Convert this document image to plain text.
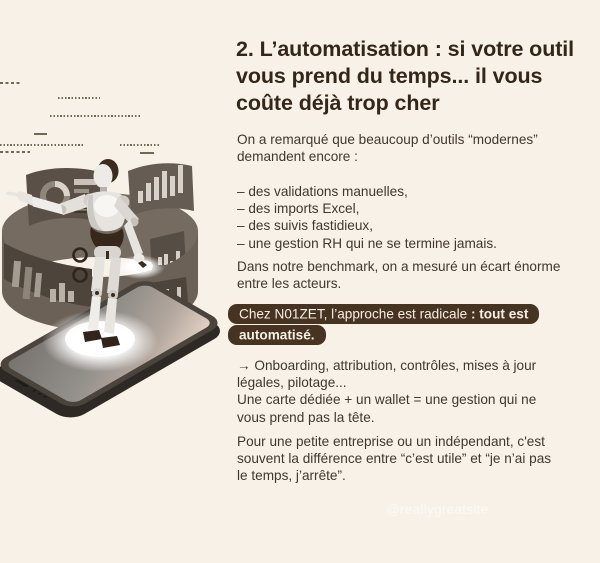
2. L’automatisation : si votre outil
vous prend du temps... il vous
coûte déjà trop cher
On a remarqué que beaucoup d’outils “modernes”
demandent encore :
– des validations manuelles,
– des imports Excel,
– des suivis fastidieux,
– une gestion RH qui ne se termine jamais.
Dans notre benchmark, on a mesuré un écart énorme
entre les acteurs.
Chez N01ZET, l’approche est radicale : tout est
automatisé.
→ Onboarding, attribution, contrôles, mises à jour
légales, pilotage...
Une carte dédiée + un wallet = une gestion qui ne
vous prend pas la tête.
Pour une petite entreprise ou un indépendant, c'est
souvent la différence entre “c’est utile” et “je n’ai pas
le temps, j’arrête”.
@reallygreatsite
